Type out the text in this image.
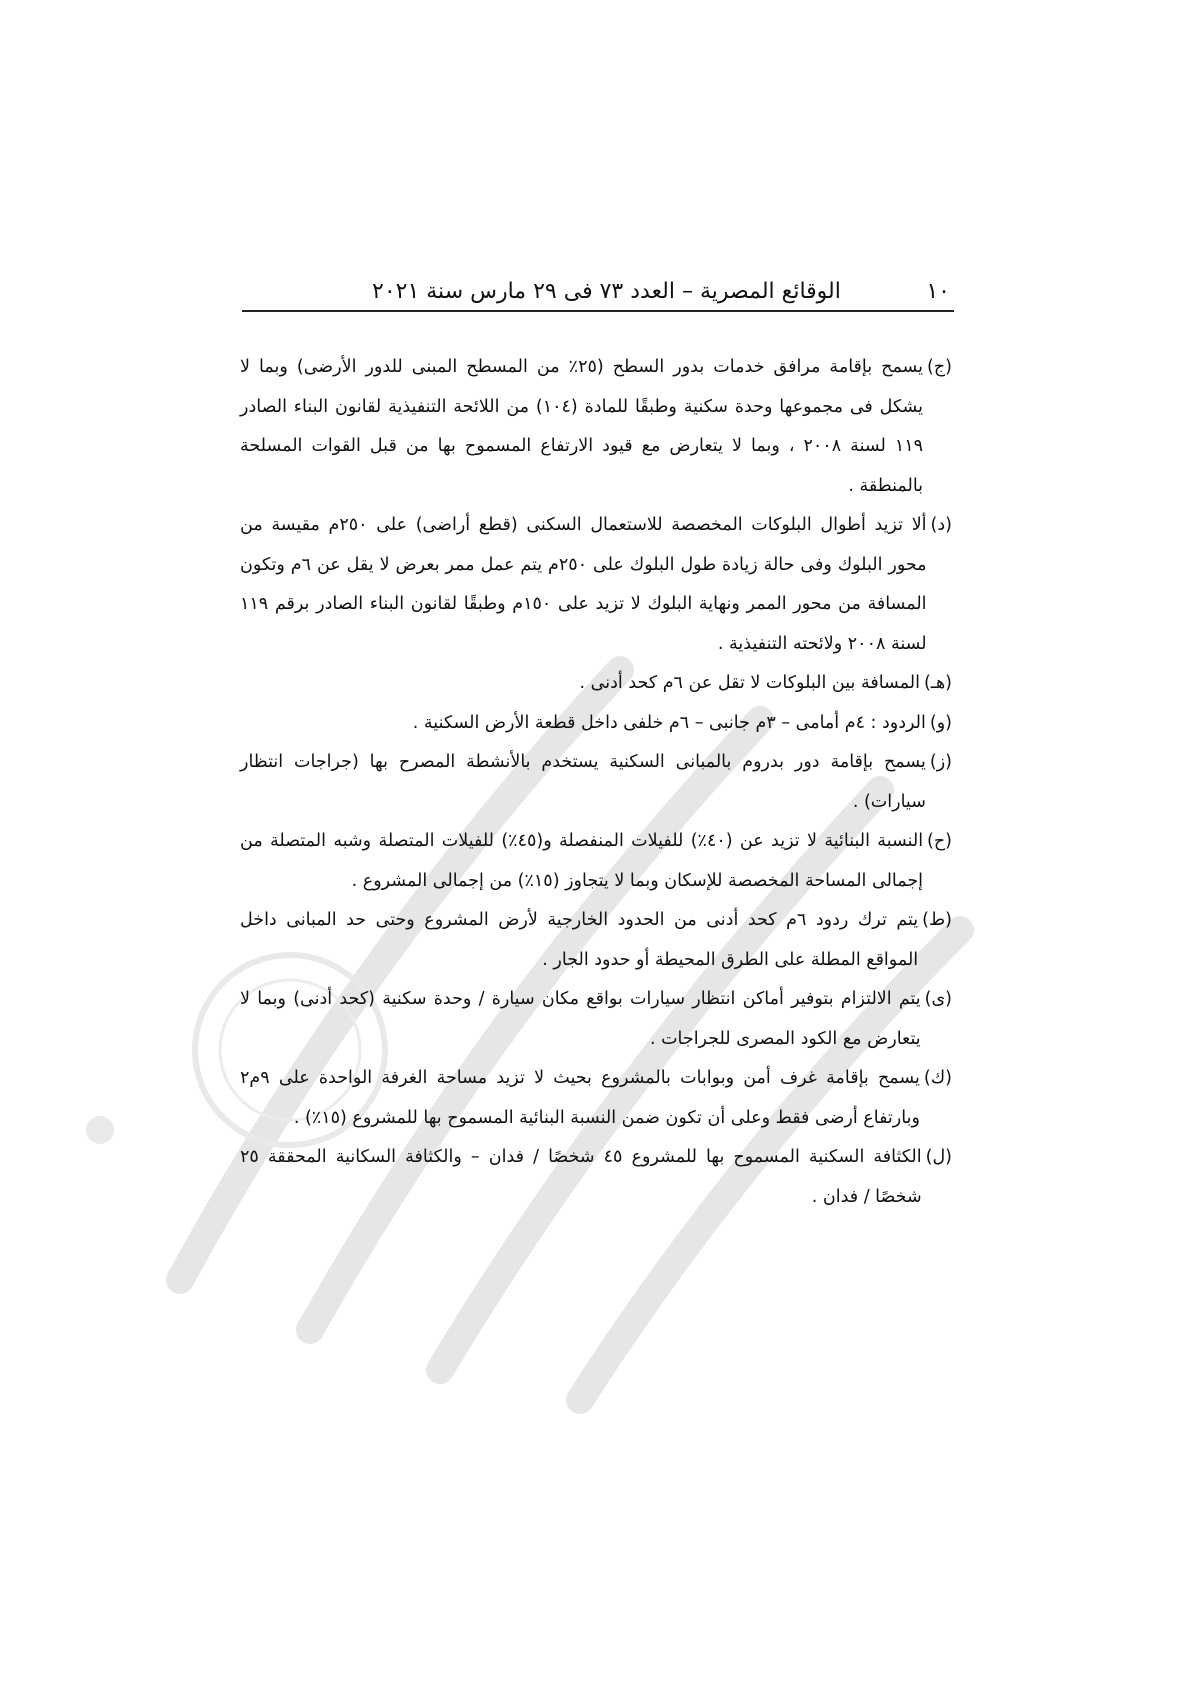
١٠
الوقائع المصرية – العدد ٧٣ فى ٢٩ مارس سنة ٢٠٢١
(ج)
يسمح بإقامة مرافق خدمات بدور السطح (٢٥٪ من المسطح المبنى للدور الأرضى) وبما لا يشكل فى مجموعها وحدة سكنية وطبقًا للمادة (١٠٤) من اللائحة التنفيذية لقانون البناء الصادر ١١٩ لسنة ٢٠٠٨ ، وبما لا يتعارض مع قيود الارتفاع المسموح بها من قبل القوات المسلحة بالمنطقة .
(د)
ألا تزيد أطوال البلوكات المخصصة للاستعمال السكنى (قطع أراضى) على ٢٥٠م مقيسة من محور البلوك وفى حالة زيادة طول البلوك على ٢٥٠م يتم عمل ممر بعرض لا يقل عن ٦م وتكون المسافة من محور الممر ونهاية البلوك لا تزيد على ١٥٠م وطبقًا لقانون البناء الصادر برقم ١١٩ لسنة ٢٠٠٨ ولائحته التنفيذية .
(هـ)
المسافة بين البلوكات لا تقل عن ٦م كحد أدنى .
(و)
الردود : ٤م أمامى – ٣م جانبى – ٦م خلفى داخل قطعة الأرض السكنية .
(ز)
يسمح بإقامة دور بدروم بالمبانى السكنية يستخدم بالأنشطة المصرح بها (جراجات انتظار سيارات) .
(ح)
النسبة البنائية لا تزيد عن (٤٠٪) للفيلات المنفصلة و(٤٥٪) للفيلات المتصلة وشبه المتصلة من إجمالى المساحة المخصصة للإسكان وبما لا يتجاوز (١٥٪) من إجمالى المشروع .
(ط)
يتم ترك ردود ٦م كحد أدنى من الحدود الخارجية لأرض المشروع وحتى حد المبانى داخل المواقع المطلة على الطرق المحيطة أو حدود الجار .
(ى)
يتم الالتزام بتوفير أماكن انتظار سيارات بواقع مكان سيارة / وحدة سكنية (كحد أدنى) وبما لا يتعارض مع الكود المصرى للجراجات .
(ك)
يسمح بإقامة غرف أمن وبوابات بالمشروع بحيث لا تزيد مساحة الغرفة الواحدة على ٩م٢ وبارتفاع أرضى فقط وعلى أن تكون ضمن النسبة البنائية المسموح بها للمشروع (١٥٪) .
(ل)
الكثافة السكنية المسموح بها للمشروع ٤٥ شخصًا / فدان – والكثافة السكانية المحققة ٢٥ شخصًا / فدان .
